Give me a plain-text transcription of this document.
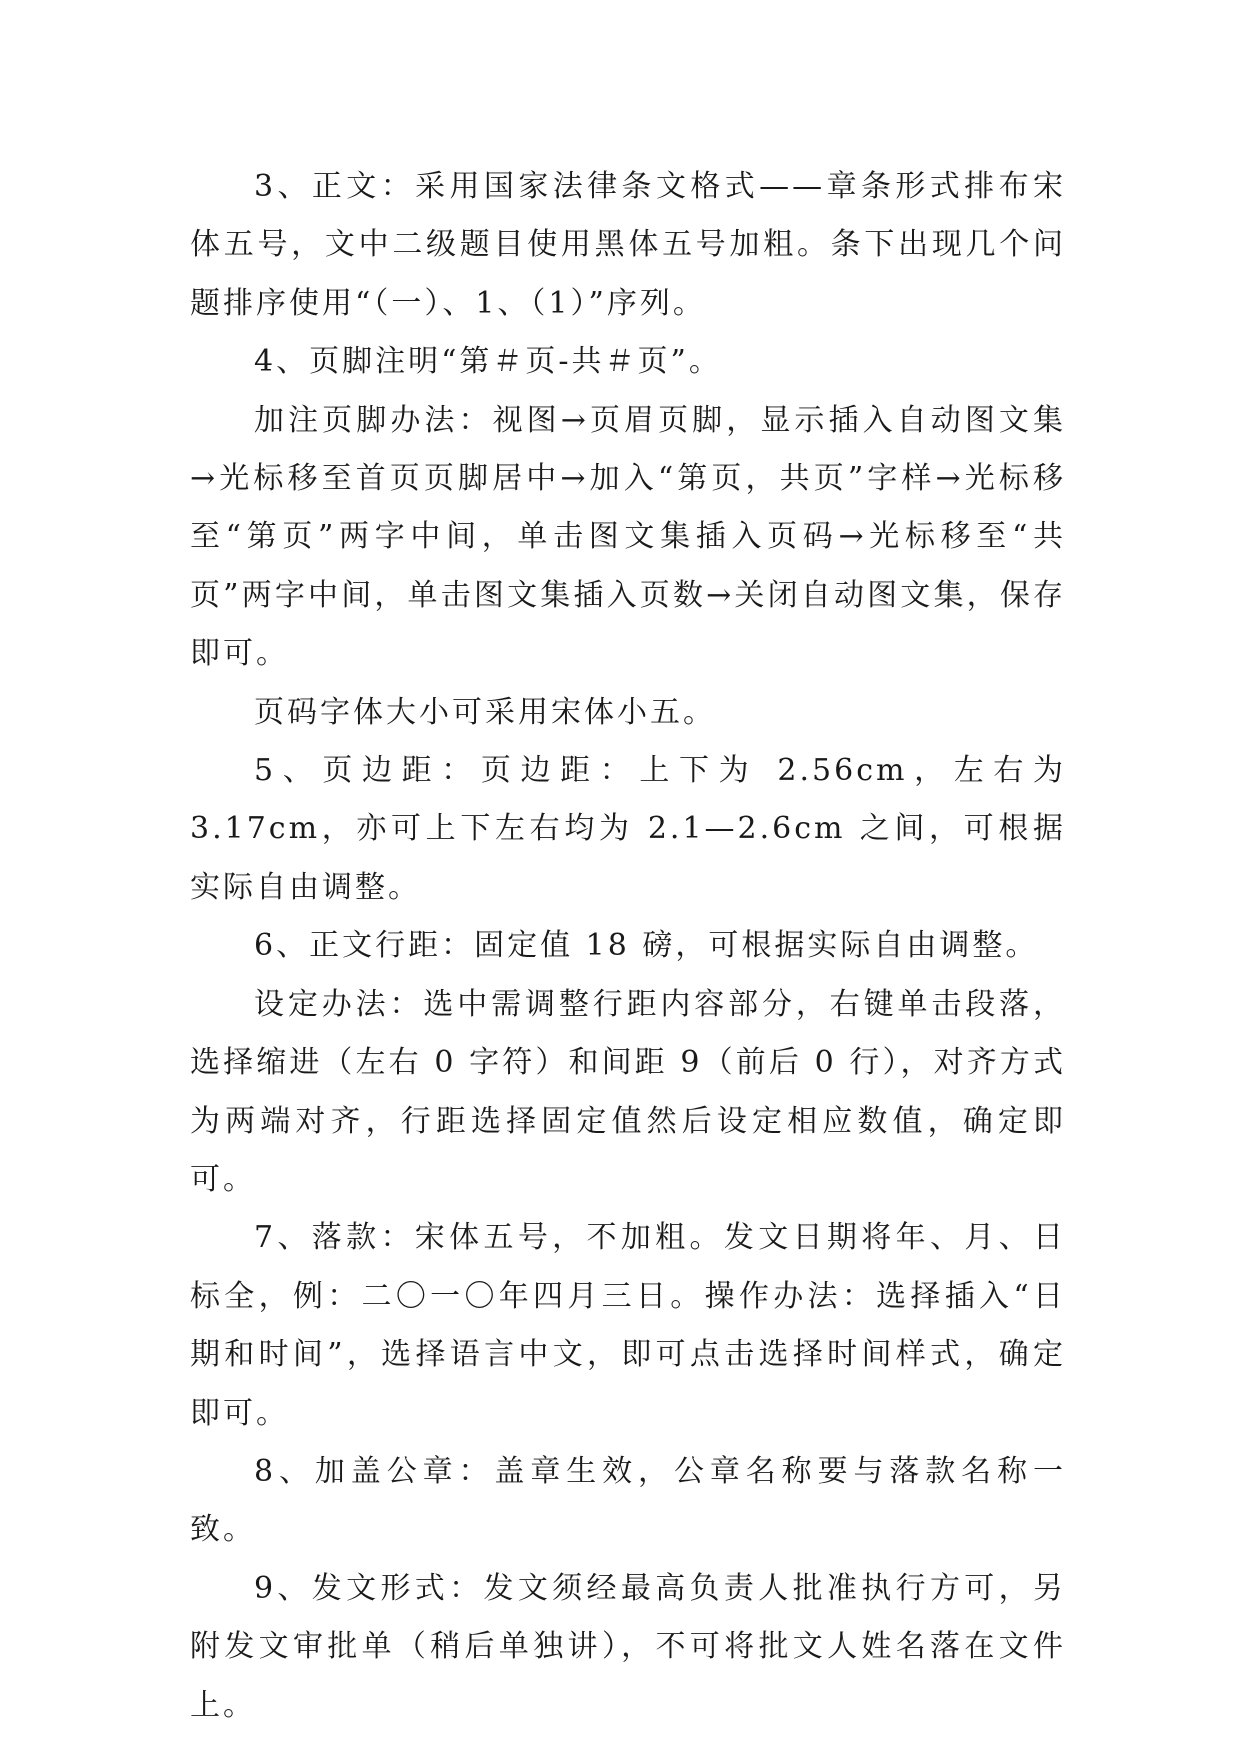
3、正文：采用国家法律条文格式——章条形式排布宋体五号，文中二级题目使用黑体五号加粗。条下出现几个问题排序使用“（一）、1、（1）”序列。

4、页脚注明“第＃页-共＃页”。

加注页脚办法：视图→页眉页脚，显示插入自动图文集→光标移至首页页脚居中→加入“第页，共页”字样→光标移至“第页”两字中间，单击图文集插入页码→光标移至“共页”两字中间，单击图文集插入页数→关闭自动图文集，保存即可。

页码字体大小可采用宋体小五。

5、页边距：页边距：上下为 2.56cm，左右为 3.17cm，亦可上下左右均为 2.1—2.6cm 之间，可根据实际自由调整。

6、正文行距：固定值 18 磅，可根据实际自由调整。

设定办法：选中需调整行距内容部分，右键单击段落，选择缩进（左右 0 字符）和间距 9（前后 0 行），对齐方式为两端对齐，行距选择固定值然后设定相应数值，确定即可。

7、落款：宋体五号，不加粗。发文日期将年、月、日标全，例：二〇一〇年四月三日。操作办法：选择插入“日期和时间”，选择语言中文，即可点击选择时间样式，确定即可。

8、加盖公章：盖章生效，公章名称要与落款名称一致。

9、发文形式：发文须经最高负责人批准执行方可，另附发文审批单（稍后单独讲），不可将批文人姓名落在文件上。
